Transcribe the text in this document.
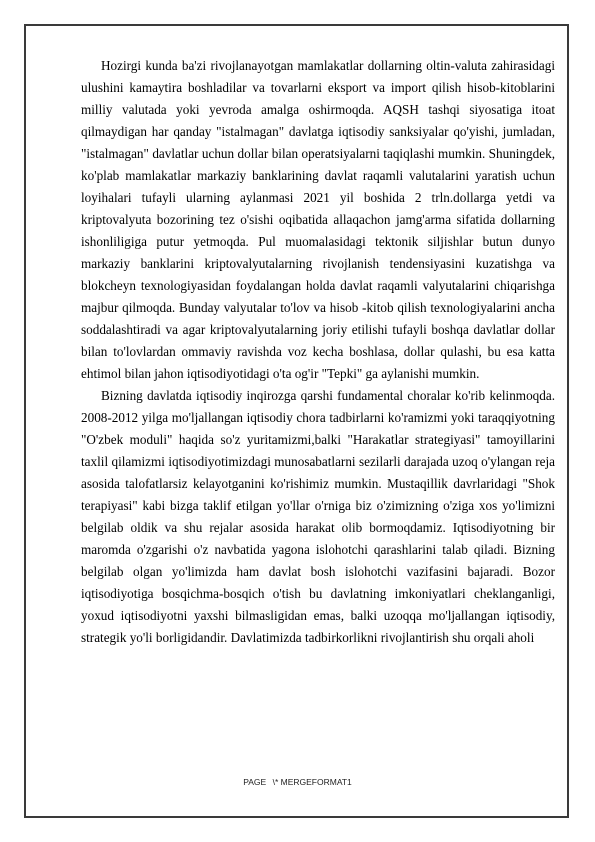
Hozirgi kunda ba'zi rivojlanayotgan mamlakatlar dollarning oltin-valuta zahirasidagi ulushini kamaytira boshladilar va tovarlarni eksport va import qilish hisob-kitoblarini milliy valutada yoki yevroda amalga oshirmoqda. AQSH tashqi siyosatiga itoat qilmaydigan har qanday "istalmagan" davlatga iqtisodiy sanksiyalar qo'yishi, jumladan, "istalmagan" davlatlar uchun dollar bilan operatsiyalarni taqiqlashi mumkin. Shuningdek, ko'plab mamlakatlar markaziy banklarining davlat raqamli valutalarini yaratish uchun loyihalari tufayli ularning aylanmasi 2021 yil boshida 2 trln.dollarga yetdi va kriptovalyuta bozorining tez o'sishi oqibatida allaqachon jamg'arma sifatida dollarning ishonliligiga putur yetmoqda. Pul muomalasidagi tektonik siljishlar butun dunyo markaziy banklarini kriptovalyutalarning rivojlanish tendensiyasini kuzatishga va blokcheyn texnologiyasidan foydalangan holda davlat raqamli valyutalarini chiqarishga majbur qilmoqda. Bunday valyutalar to'lov va hisob -kitob qilish texnologiyalarini ancha soddalashtiradi va agar kriptovalyutalarning joriy etilishi tufayli boshqa davlatlar dollar bilan to'lovlardan ommaviy ravishda voz kecha boshlasa, dollar qulashi, bu esa katta ehtimol bilan jahon iqtisodiyotidagi o'ta og'ir "Tepki" ga aylanishi mumkin.

Bizning davlatda iqtisodiy inqirozga qarshi fundamental choralar ko'rib kelinmoqda. 2008-2012 yilga mo'ljallangan iqtisodiy chora tadbirlarni ko'ramizmi yoki taraqqiyotning "O'zbek moduli" haqida so'z yuritamizmi,balki "Harakatlar strategiyasi" tamoyillarini taxlil qilamizmi iqtisodiyotimizdagi munosabatlarni sezilarli darajada uzoq o'ylangan reja asosida talofatlarsiz kelayotganini ko'rishimiz mumkin. Mustaqillik davrlaridagi "Shok terapiyasi" kabi bizga taklif etilgan yo'llar o'rniga biz o'zimizning o'ziga xos yo'limizni belgilab oldik va shu rejalar asosida harakat olib bormoqdamiz. Iqtisodiyotning bir maromda o'zgarishi o'z navbatida yagona islohotchi qarashlarini talab qiladi. Bizning belgilab olgan yo'limizda ham davlat bosh islohotchi vazifasini bajaradi. Bozor iqtisodiyotiga bosqichma-bosqich o'tish bu davlatning imkoniyatlari cheklanganligi, yoxud iqtisodiyotni yaxshi bilmasligidan emas, balki uzoqqa mo'ljallangan iqtisodiy, strategik yo'li borligidandir. Davlatimizda tadbirkorlikni rivojlantirish shu orqali aholi

PAGE \* MERGEFORMAT1
